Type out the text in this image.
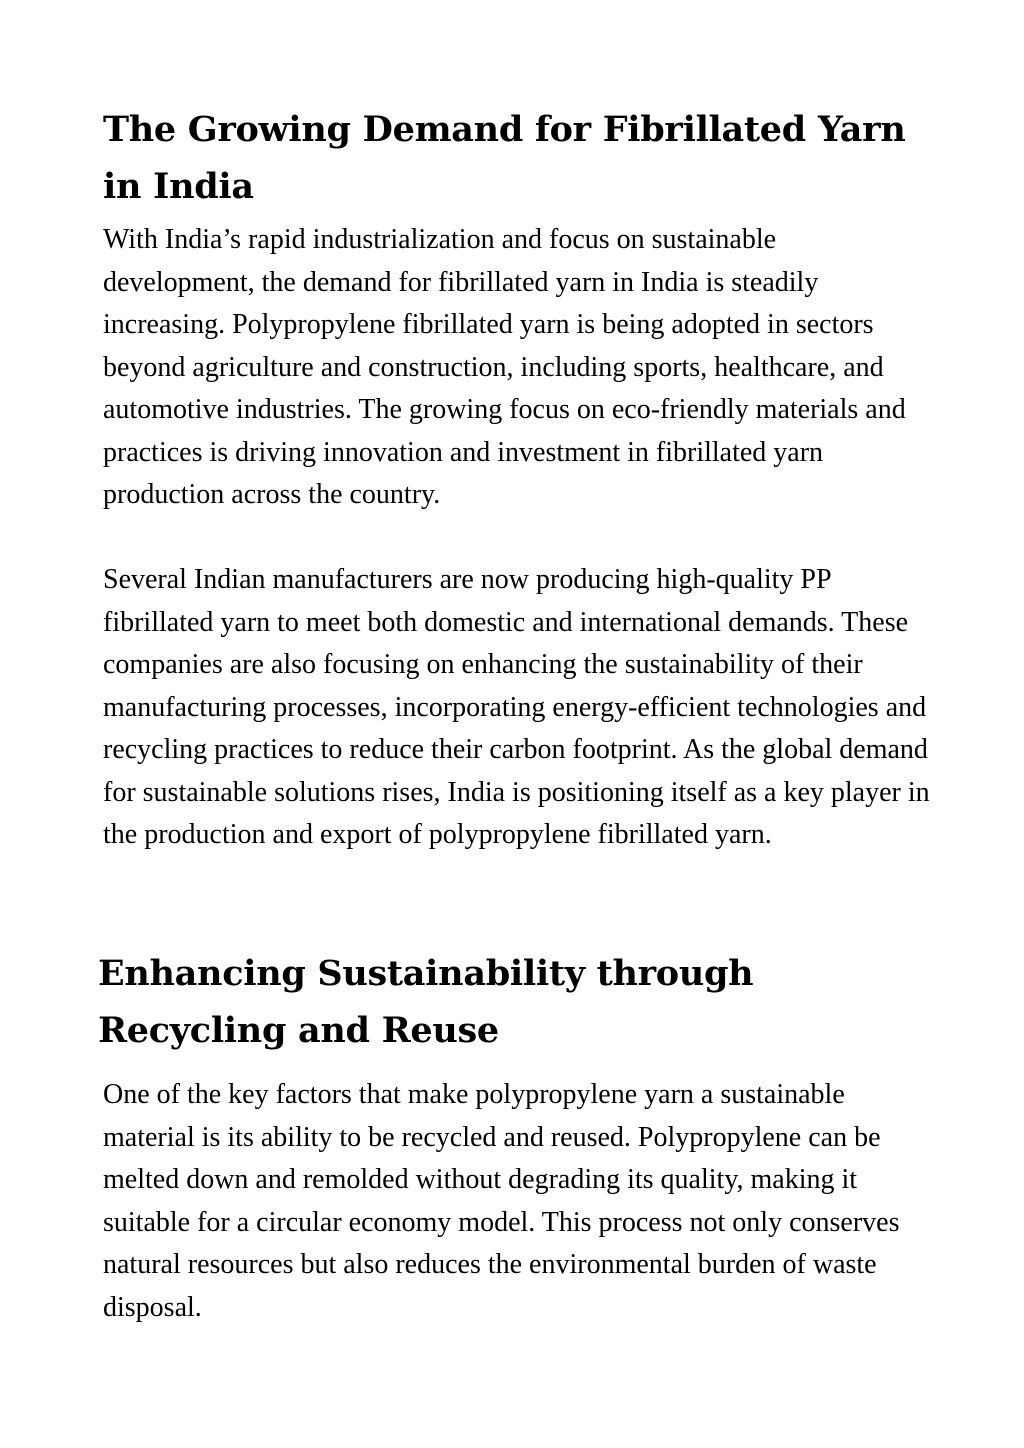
The Growing Demand for Fibrillated Yarn in India

With India’s rapid industrialization and focus on sustainable development, the demand for fibrillated yarn in India is steadily increasing. Polypropylene fibrillated yarn is being adopted in sectors beyond agriculture and construction, including sports, healthcare, and automotive industries. The growing focus on eco-friendly materials and practices is driving innovation and investment in fibrillated yarn production across the country.

Several Indian manufacturers are now producing high-quality PP fibrillated yarn to meet both domestic and international demands. These companies are also focusing on enhancing the sustainability of their manufacturing processes, incorporating energy-efficient technologies and recycling practices to reduce their carbon footprint. As the global demand for sustainable solutions rises, India is positioning itself as a key player in the production and export of polypropylene fibrillated yarn.

Enhancing Sustainability through Recycling and Reuse

One of the key factors that make polypropylene yarn a sustainable material is its ability to be recycled and reused. Polypropylene can be melted down and remolded without degrading its quality, making it suitable for a circular economy model. This process not only conserves natural resources but also reduces the environmental burden of waste disposal.
